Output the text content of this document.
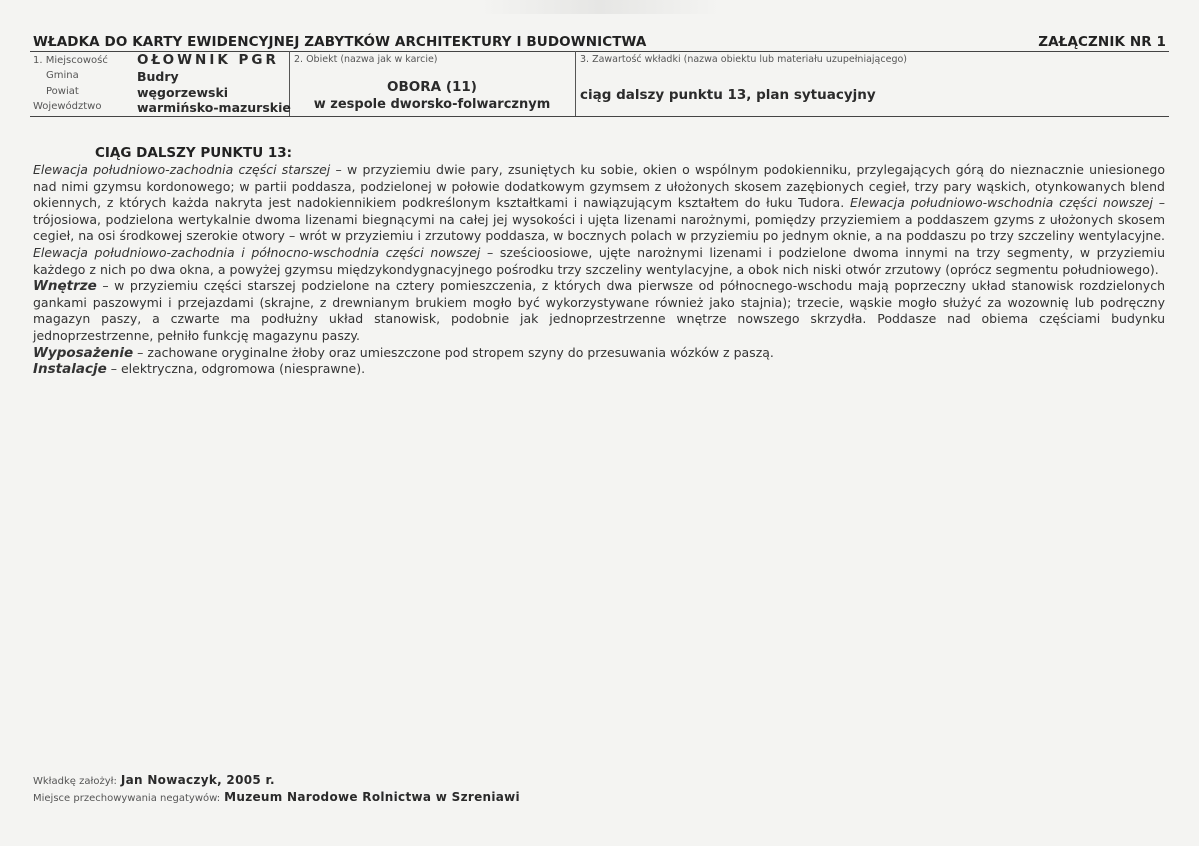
WŁADKA DO KARTY EWIDENCYJNEJ ZABYTKÓW ARCHITEKTURY I BUDOWNICTWA	ZAŁĄCZNIK NR 1
1. Miejscowość
Gmina
Powiat
Województwo
OŁOWNIK PGR
Budry
węgorzewski
warmińsko-mazurskie
2. Obiekt (nazwa jak w karcie)
OBORA (11)
w zespole dworsko-folwarcznym
3. Zawartość wkładki (nazwa obiektu lub materiału uzupełniającego)
ciąg dalszy punktu 13, plan sytuacyjny
CIĄG DALSZY PUNKTU 13:

Elewacja południowo-zachodnia części starszej – w przyziemiu dwie pary, zsuniętych ku sobie, okien o wspólnym podokienniku, przylegających górą do nieznacznie uniesionego nad nimi gzymsu kordonowego; w partii poddasza, podzielonej w połowie dodatkowym gzymsem z ułożonych skosem zazębionych cegieł, trzy pary wąskich, otynkowanych blend okiennych, z których każda nakryta jest nadokiennikiem podkreślonym kształtkami i nawiązującym kształtem do łuku Tudora. Elewacja południowo-wschodnia części nowszej – trójosiowa, podzielona wertykalnie dwoma lizenami biegnącymi na całej jej wysokości i ujęta lizenami narożnymi, pomiędzy przyziemiem a poddaszem gzyms z ułożonych skosem cegieł, na osi środkowej szerokie otwory – wrót w przyziemiu i zrzutowy poddasza, w bocznych polach w przyziemiu po jednym oknie, a na poddaszu po trzy szczeliny wentylacyjne. Elewacja południowo-zachodnia i północno-wschodnia części nowszej – sześcioosiowe, ujęte narożnymi lizenami i podzielone dwoma innymi na trzy segmenty, w przyziemiu każdego z nich po dwa okna, a powyżej gzymsu międzykondygnacyjnego pośrodku trzy szczeliny wentylacyjne, a obok nich niski otwór zrzutowy (oprócz segmentu południowego).

Wnętrze – w przyziemiu części starszej podzielone na cztery pomieszczenia, z których dwa pierwsze od północnego-wschodu mają poprzeczny układ stanowisk rozdzielonych gankami paszowymi i przejazdami (skrajne, z drewnianym brukiem mogło być wykorzystywane również jako stajnia); trzecie, wąskie mogło służyć za wozownię lub podręczny magazyn paszy, a czwarte ma podłużny układ stanowisk, podobnie jak jednoprzestrzenne wnętrze nowszego skrzydła. Poddasze nad obiema częściami budynku jednoprzestrzenne, pełniło funkcję magazynu paszy.

Wyposażenie – zachowane oryginalne żłoby oraz umieszczone pod stropem szyny do przesuwania wózków z paszą.

Instalacje – elektryczna, odgromowa (niesprawne).

Wkładkę założył: Jan Nowaczyk, 2005 r.
Miejsce przechowywania negatywów: Muzeum Narodowe Rolnictwa w Szreniawi
